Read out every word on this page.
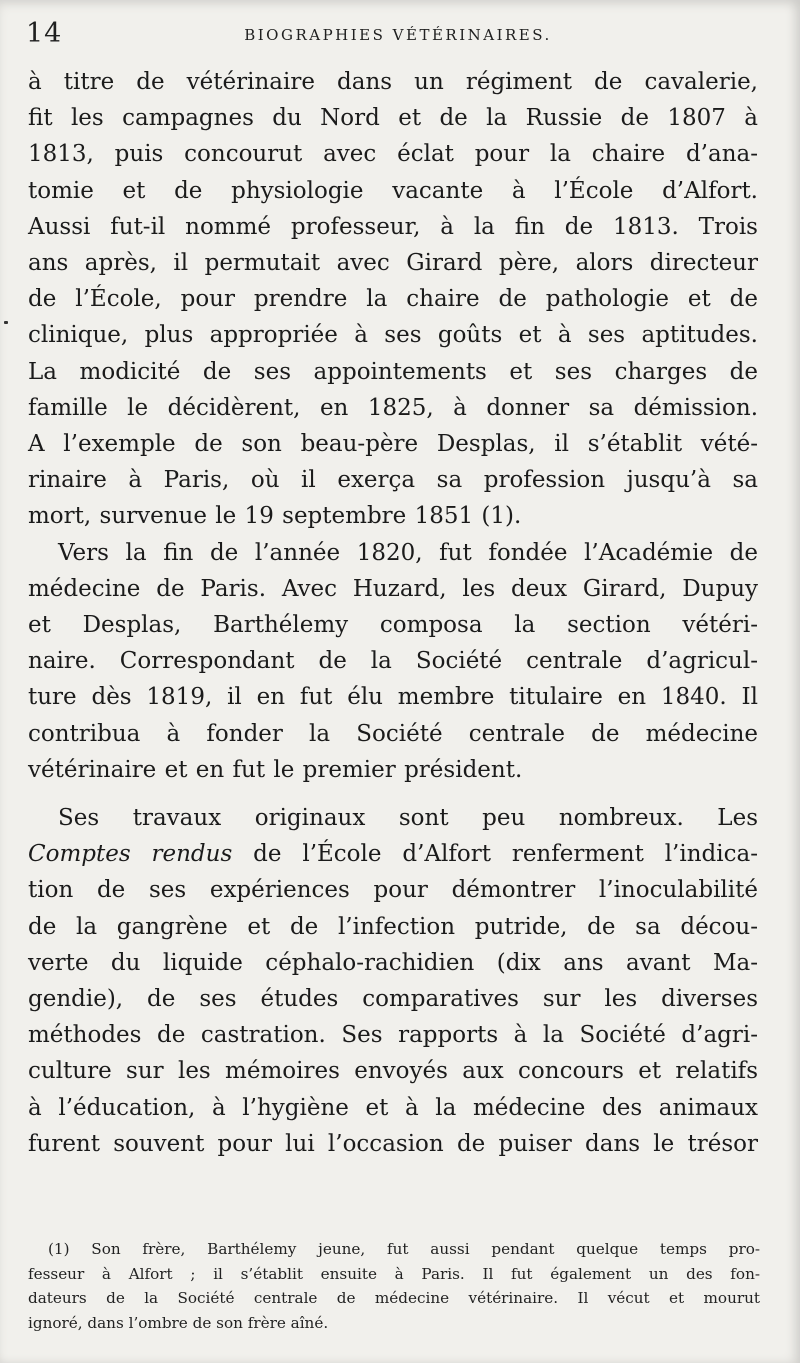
14	BIOGRAPHIES VÉTÉRINAIRES.
à titre de vétérinaire dans un régiment de cavalerie,
fit les campagnes du Nord et de la Russie de 1807 à
1813, puis concourut avec éclat pour la chaire d’ana-
tomie et de physiologie vacante à l’École d’Alfort.
Aussi fut-il nommé professeur, à la fin de 1813. Trois
ans après, il permutait avec Girard père, alors directeur
de l’École, pour prendre la chaire de pathologie et de
clinique, plus appropriée à ses goûts et à ses aptitudes.
La modicité de ses appointements et ses charges de
famille le décidèrent, en 1825, à donner sa démission.
A l’exemple de son beau-père Desplas, il s’établit vété-
rinaire à Paris, où il exerça sa profession jusqu’à sa
mort, survenue le 19 septembre 1851 (1).
Vers la fin de l’année 1820, fut fondée l’Académie de
médecine de Paris. Avec Huzard, les deux Girard, Dupuy
et Desplas, Barthélemy composa la section vétéri-
naire. Correspondant de la Société centrale d’agricul-
ture dès 1819, il en fut élu membre titulaire en 1840. Il
contribua à fonder la Société centrale de médecine
vétérinaire et en fut le premier président.
Ses travaux originaux sont peu nombreux. Les
Comptes rendus de l’École d’Alfort renferment l’indica-
tion de ses expériences pour démontrer l’inoculabilité
de la gangrène et de l’infection putride, de sa décou-
verte du liquide céphalo-rachidien (dix ans avant Ma-
gendie), de ses études comparatives sur les diverses
méthodes de castration. Ses rapports à la Société d’agri-
culture sur les mémoires envoyés aux concours et relatifs
à l’éducation, à l’hygiène et à la médecine des animaux
furent souvent pour lui l’occasion de puiser dans le trésor
(1) Son frère, Barthélemy jeune, fut aussi pendant quelque temps pro-
fesseur à Alfort ; il s’établit ensuite à Paris. Il fut également un des fon-
dateurs de la Société centrale de médecine vétérinaire. Il vécut et mourut
ignoré, dans l’ombre de son frère aîné.
